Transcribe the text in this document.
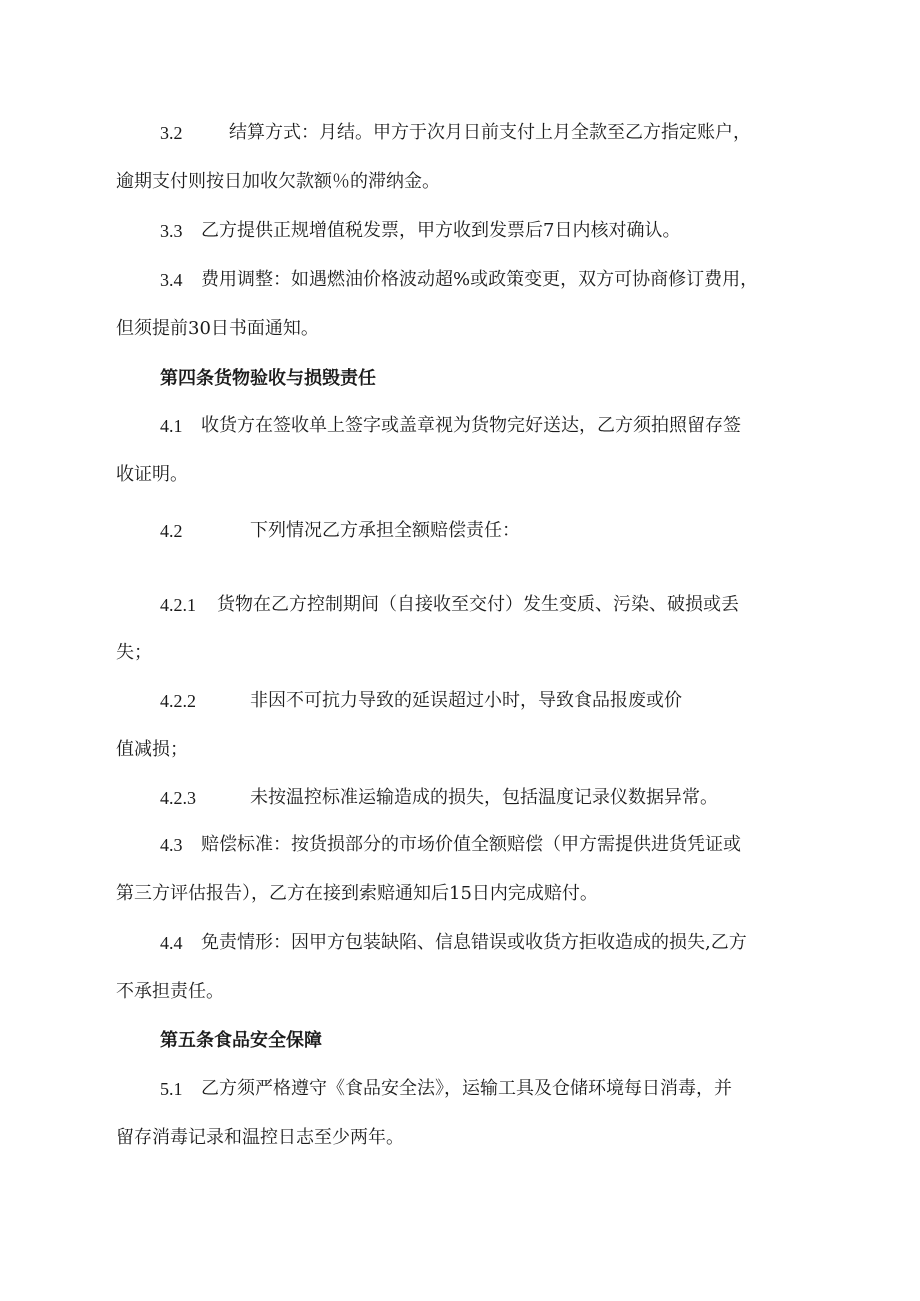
3.2	结算方式：月结。甲方于次月日前支付上月全款至乙方指定账户，
逾期支付则按日加收欠款额％的滞纳金。
3.3 乙方提供正规增值税发票，甲方收到发票后7日内核对确认。
3.4 费用调整：如遇燃油价格波动超%或政策变更，双方可协商修订费用，
但须提前30日书面通知。
第四条货物验收与损毁责任
4.1 收货方在签收单上签字或盖章视为货物完好送达，乙方须拍照留存签
收证明。
4.2	下列情况乙方承担全额赔偿责任：
4.2.1 货物在乙方控制期间（自接收至交付）发生变质、污染、破损或丢
失；
4.2.2	非因不可抗力导致的延误超过小时，导致食品报废或价
值减损；
4.2.3	未按温控标准运输造成的损失，包括温度记录仪数据异常。
4.3 赔偿标准：按货损部分的市场价值全额赔偿（甲方需提供进货凭证或
第三方评估报告），乙方在接到索赔通知后15日内完成赔付。
4.4 免责情形：因甲方包装缺陷、信息错误或收货方拒收造成的损失,乙方
不承担责任。
第五条食品安全保障
5.1 乙方须严格遵守《食品安全法》，运输工具及仓储环境每日消毒，并
留存消毒记录和温控日志至少两年。
